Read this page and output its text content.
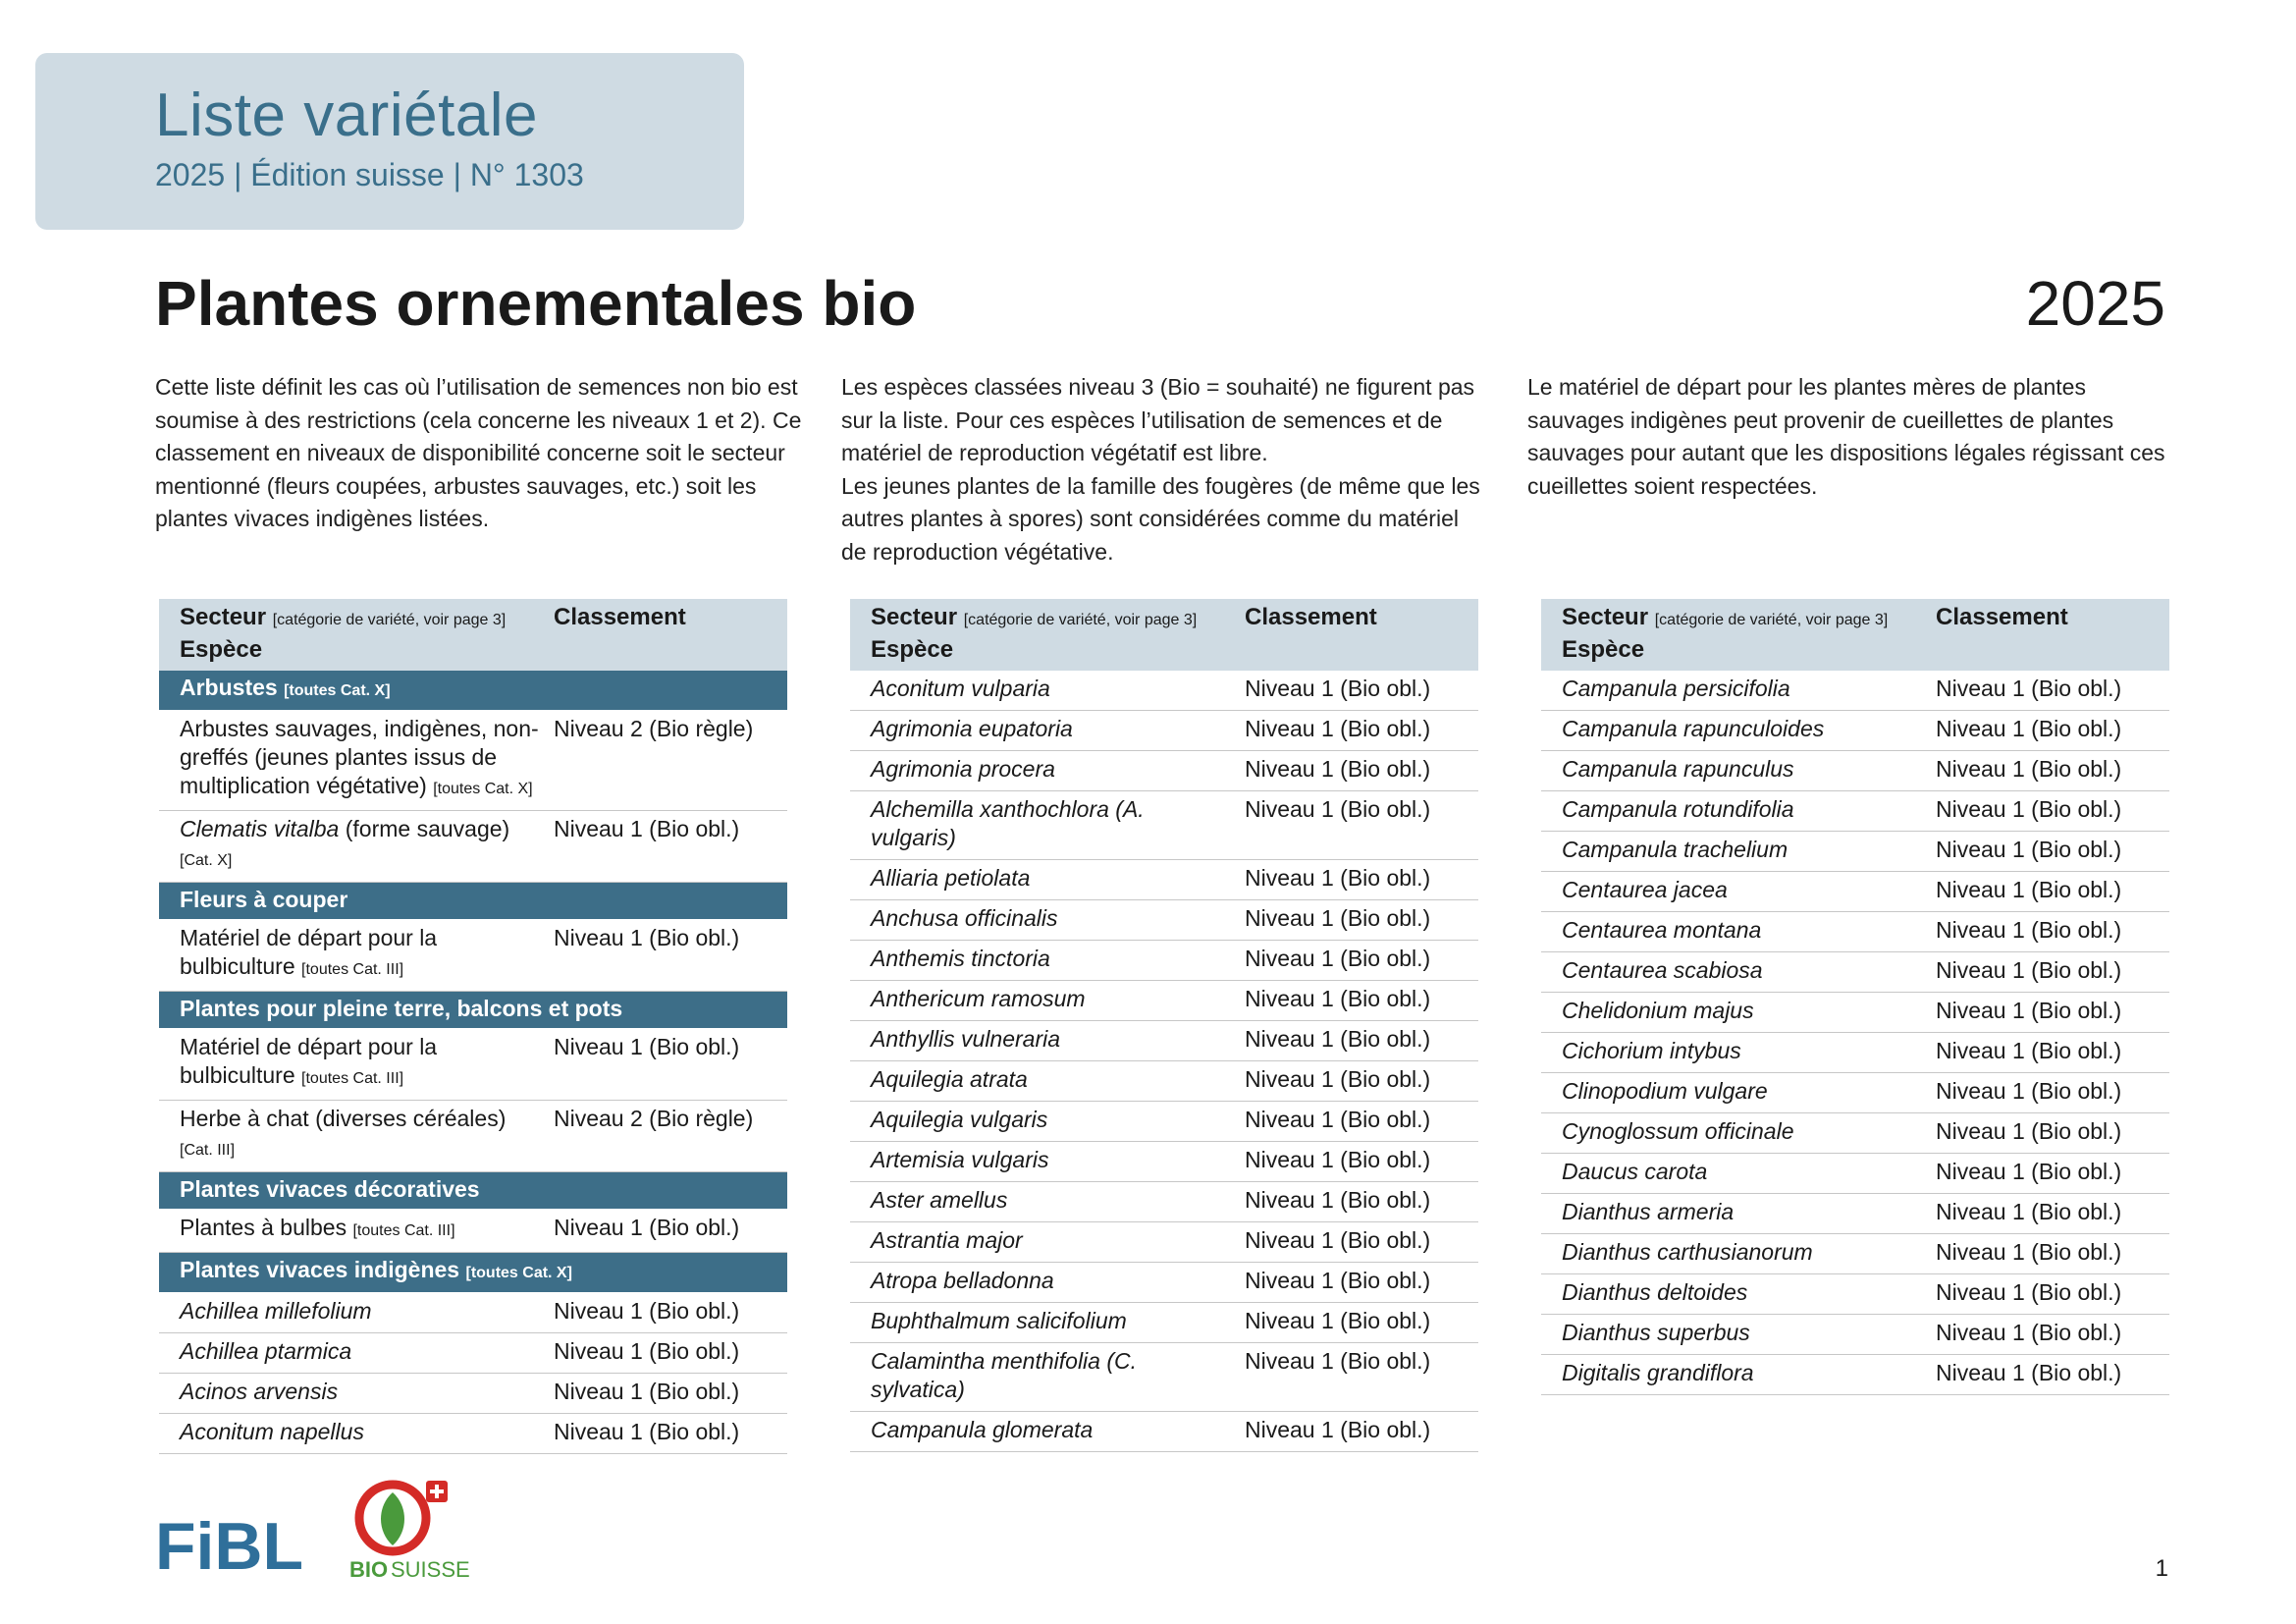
Liste variétale
2025 | Édition suisse | N° 1303
Plantes ornementales bio	2025

Cette liste définit les cas où l’utilisation de semences non bio est soumise à des restrictions (cela concerne les niveaux 1 et 2). Ce classement en niveaux de disponibilité concerne soit le secteur mentionné (fleurs coupées, arbustes sauvages, etc.) soit les plantes vivaces indigènes listées.

Les espèces classées niveau 3 (Bio = souhaité) ne figurent pas sur la liste. Pour ces espèces l’utilisation de semences et de matériel de reproduction végétatif est libre.

Les jeunes plantes de la famille des fougères (de même que les autres plantes à spores) sont considérées comme du matériel de reproduction végétative.

Le matériel de départ pour les plantes mères de plantes sauvages indigènes peut provenir de cueillettes de plantes sauvages pour autant que les dispositions légales régissant ces cueillettes soient respectées.

Secteur [catégorie de variété, voir page 3]
Espèce	Classement
Arbustes [toutes Cat. X]	
Arbustes sauvages, indigènes, non-greffés (jeunes plantes issus de multiplication végétative) [toutes Cat. X]	Niveau 2 (Bio règle)
Clematis vitalba (forme sauvage) [Cat. X]	Niveau 1 (Bio obl.)
Fleurs à couper	
Matériel de départ pour la bulbiculture [toutes Cat. III]	Niveau 1 (Bio obl.)
Plantes pour pleine terre, balcons et pots	
Matériel de départ pour la bulbiculture [toutes Cat. III]	Niveau 1 (Bio obl.)
Herbe à chat (diverses céréales) [Cat. III]	Niveau 2 (Bio règle)
Plantes vivaces décoratives	
Plantes à bulbes [toutes Cat. III]	Niveau 1 (Bio obl.)
Plantes vivaces indigènes [toutes Cat. X]	
Achillea millefolium	Niveau 1 (Bio obl.)
Achillea ptarmica	Niveau 1 (Bio obl.)
Acinos arvensis	Niveau 1 (Bio obl.)
Aconitum napellus	Niveau 1 (Bio obl.)
Secteur [catégorie de variété, voir page 3]
Espèce	Classement
Aconitum vulparia	Niveau 1 (Bio obl.)
Agrimonia eupatoria	Niveau 1 (Bio obl.)
Agrimonia procera	Niveau 1 (Bio obl.)
Alchemilla xanthochlora (A. vulgaris)	Niveau 1 (Bio obl.)
Alliaria petiolata	Niveau 1 (Bio obl.)
Anchusa officinalis	Niveau 1 (Bio obl.)
Anthemis tinctoria	Niveau 1 (Bio obl.)
Anthericum ramosum	Niveau 1 (Bio obl.)
Anthyllis vulneraria	Niveau 1 (Bio obl.)
Aquilegia atrata	Niveau 1 (Bio obl.)
Aquilegia vulgaris	Niveau 1 (Bio obl.)
Artemisia vulgaris	Niveau 1 (Bio obl.)
Aster amellus	Niveau 1 (Bio obl.)
Astrantia major	Niveau 1 (Bio obl.)
Atropa belladonna	Niveau 1 (Bio obl.)
Buphthalmum salicifolium	Niveau 1 (Bio obl.)
Calamintha menthifolia (C. sylvatica)	Niveau 1 (Bio obl.)
Campanula glomerata	Niveau 1 (Bio obl.)
Secteur [catégorie de variété, voir page 3]
Espèce	Classement
Campanula persicifolia	Niveau 1 (Bio obl.)
Campanula rapunculoides	Niveau 1 (Bio obl.)
Campanula rapunculus	Niveau 1 (Bio obl.)
Campanula rotundifolia	Niveau 1 (Bio obl.)
Campanula trachelium	Niveau 1 (Bio obl.)
Centaurea jacea	Niveau 1 (Bio obl.)
Centaurea montana	Niveau 1 (Bio obl.)
Centaurea scabiosa	Niveau 1 (Bio obl.)
Chelidonium majus	Niveau 1 (Bio obl.)
Cichorium intybus	Niveau 1 (Bio obl.)
Clinopodium vulgare	Niveau 1 (Bio obl.)
Cynoglossum officinale	Niveau 1 (Bio obl.)
Daucus carota	Niveau 1 (Bio obl.)
Dianthus armeria	Niveau 1 (Bio obl.)
Dianthus carthusianorum	Niveau 1 (Bio obl.)
Dianthus deltoides	Niveau 1 (Bio obl.)
Dianthus superbus	Niveau 1 (Bio obl.)
Digitalis grandiflora	Niveau 1 (Bio obl.)
FiBL BIO SUISSE	1
